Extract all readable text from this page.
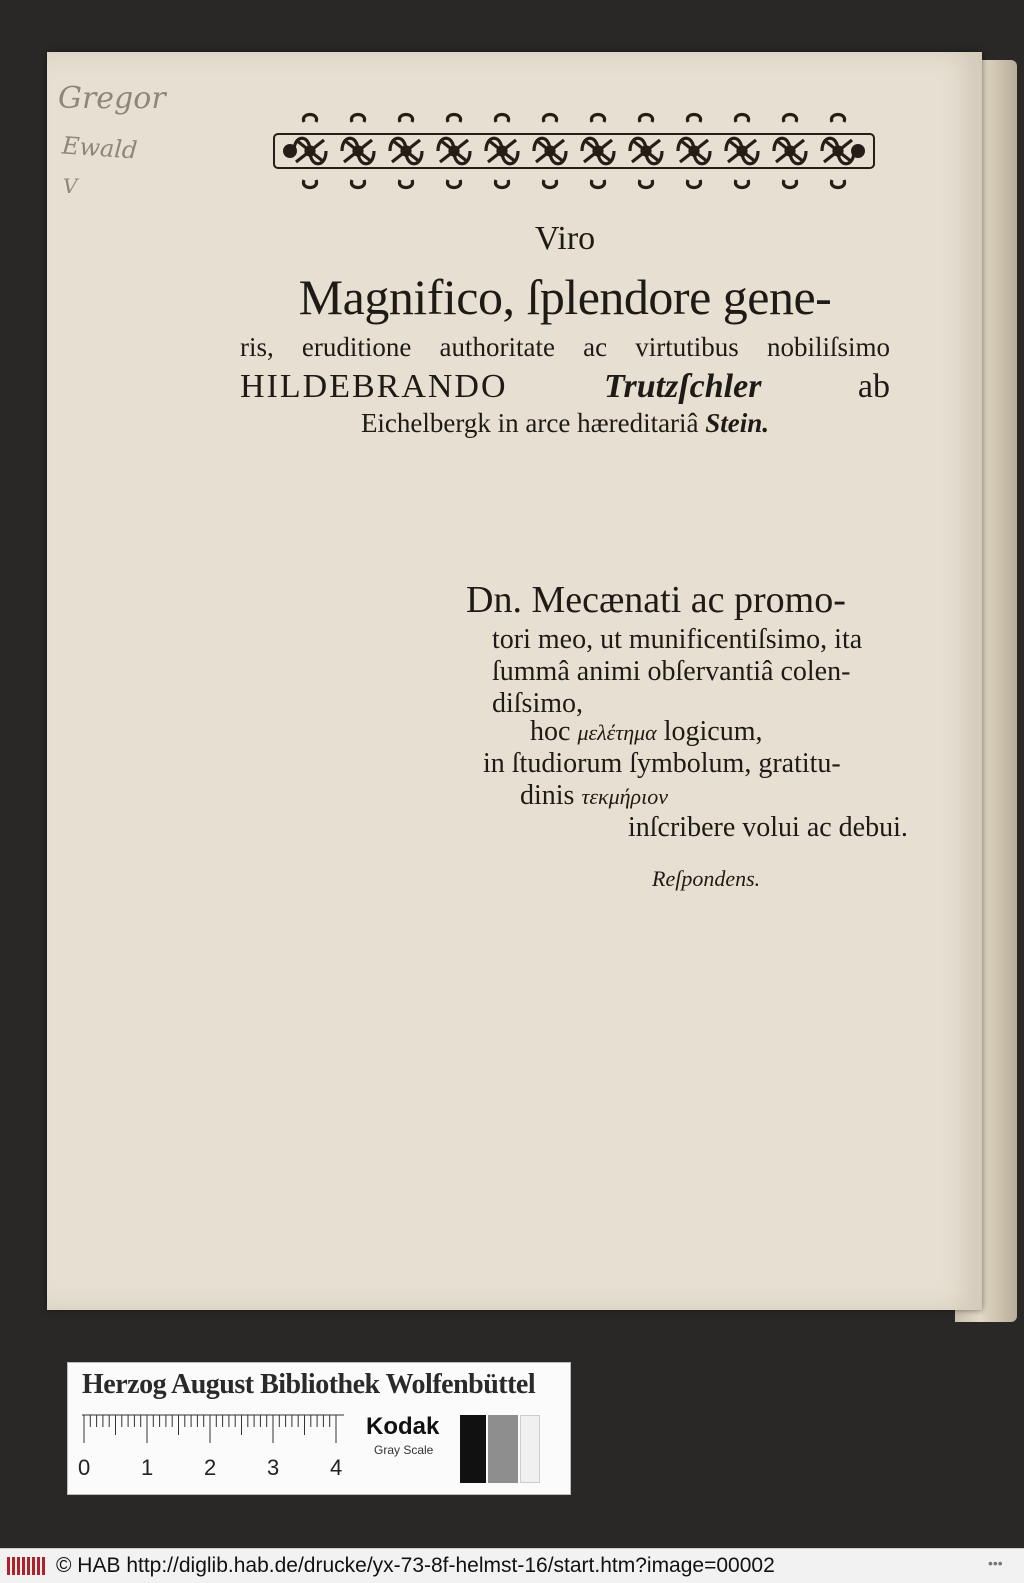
Gregor
Ewald
V
Viro
Magnifico, ſplendore gene-
ris, eruditione authoritate ac virtutibus nobiliſsimo
HILDEBRANDO	Trutzſchler	ab
Eichelbergk in arce hæreditariâ Stein.
Dn. Mecænati ac promo-
tori meo, ut munificentiſsimo, ita
ſummâ animi obſervantiâ colen-
diſsimo,
hoc μελέτημα logicum,
in ſtudiorum ſymbolum, gratitu-
dinis τεκμήριον
inſcribere volui ac debui.
Reſpondens.
Herzog August Bibliothek Wolfenbüttel
0 1 2 3 4
Kodak
Gray Scale
© HAB http://diglib.hab.de/drucke/yx-73-8f-helmst-16/start.htm?image=00002	•••
